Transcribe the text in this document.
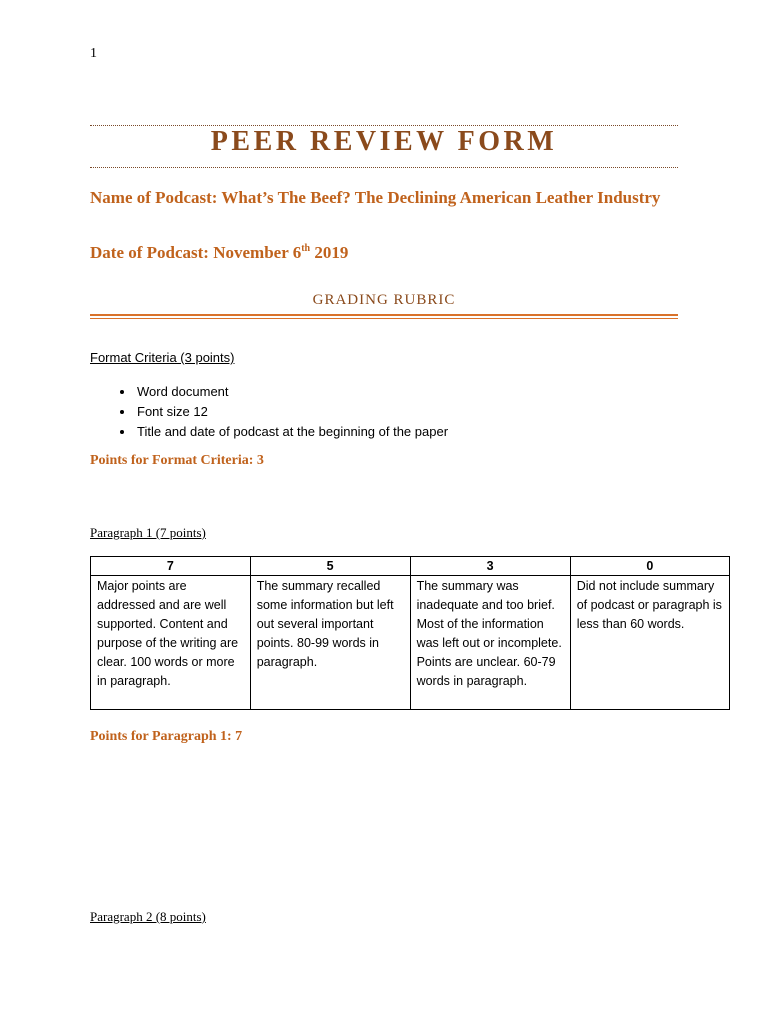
1
PEER REVIEW FORM
Name of Podcast: What’s The Beef? The Declining American Leather Industry
Date of Podcast: November 6th 2019
GRADING RUBRIC
Format Criteria (3 points)
• Word document
• Font size 12
• Title and date of podcast at the beginning of the paper
Points for Format Criteria: 3
Paragraph 1 (7 points)
7	5	3	0
Major points are addressed and are well supported. Content and purpose of the writing are clear. 100 words or more in paragraph.	The summary recalled some information but left out several important points. 80-99 words in paragraph.	The summary was inadequate and too brief. Most of the information was left out or incomplete. Points are unclear. 60-79 words in paragraph.	Did not include summary of podcast or paragraph is less than 60 words.
Points for Paragraph 1: 7
Paragraph 2 (8 points)
